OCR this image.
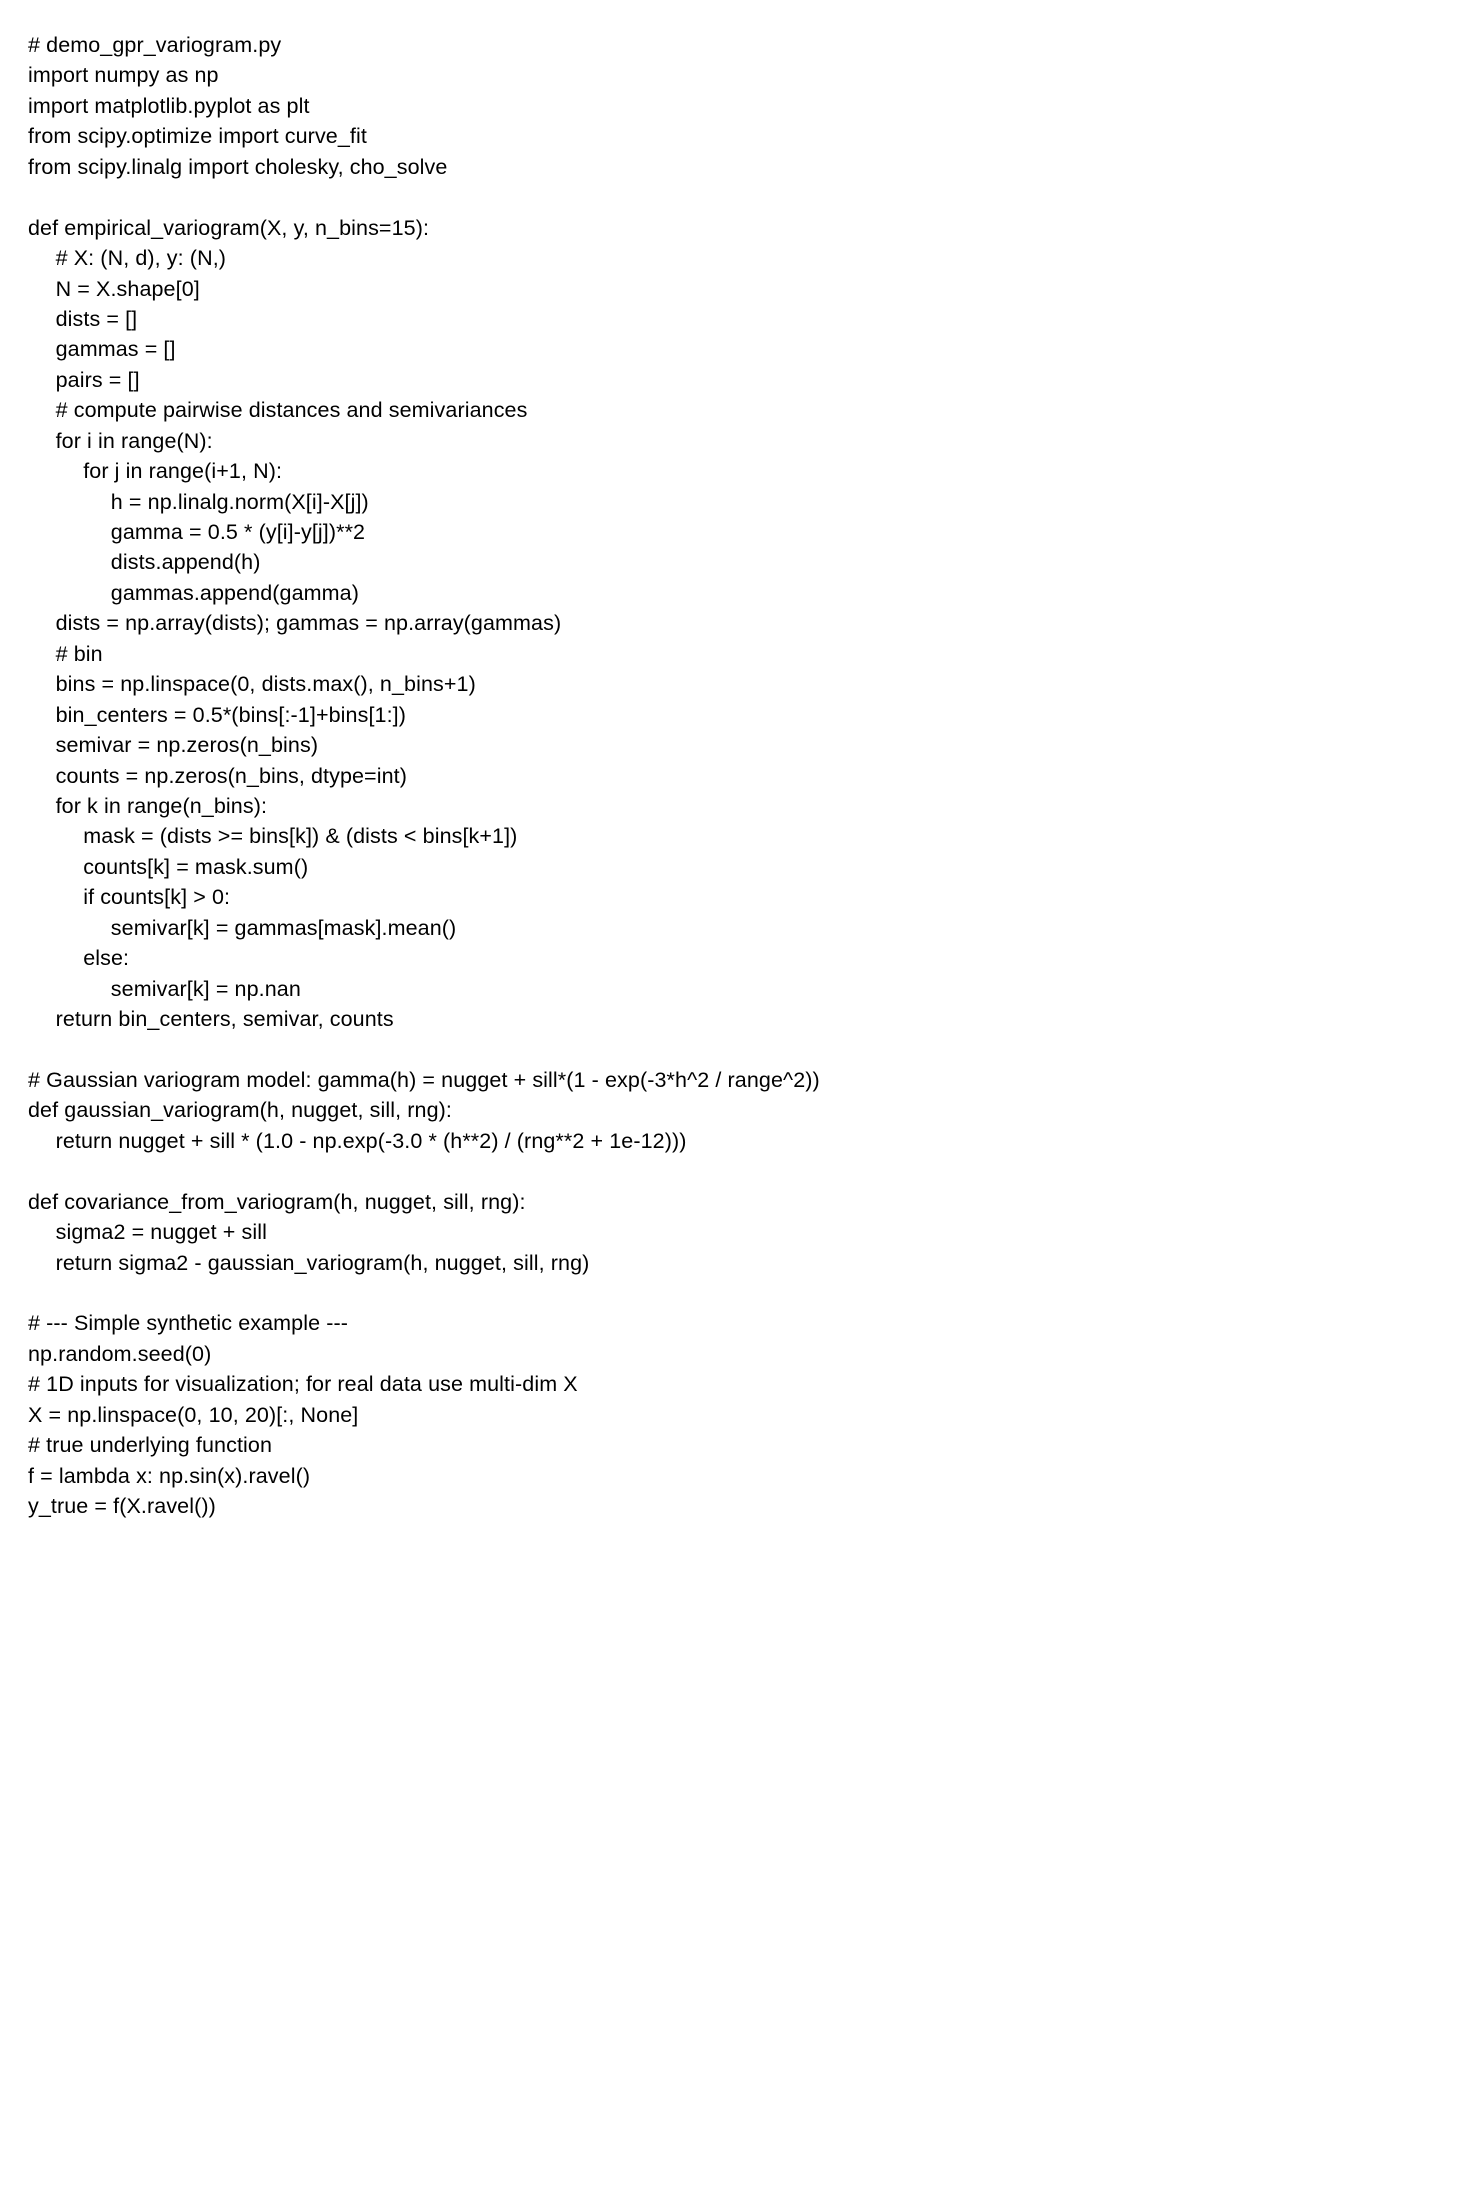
# demo_gpr_variogram.py
import numpy as np
import matplotlib.pyplot as plt
from scipy.optimize import curve_fit
from scipy.linalg import cholesky, cho_solve
def empirical_variogram(X, y, n_bins=15):
# X: (N, d), y: (N,)
N = X.shape[0]
dists = []
gammas = []
pairs = []
# compute pairwise distances and semivariances
for i in range(N):
for j in range(i+1, N):
h = np.linalg.norm(X[i]-X[j])
gamma = 0.5 * (y[i]-y[j])**2
dists.append(h)
gammas.append(gamma)
dists = np.array(dists); gammas = np.array(gammas)
# bin
bins = np.linspace(0, dists.max(), n_bins+1)
bin_centers = 0.5*(bins[:-1]+bins[1:])
semivar = np.zeros(n_bins)
counts = np.zeros(n_bins, dtype=int)
for k in range(n_bins):
mask = (dists >= bins[k]) & (dists < bins[k+1])
counts[k] = mask.sum()
if counts[k] > 0:
semivar[k] = gammas[mask].mean()
else:
semivar[k] = np.nan
return bin_centers, semivar, counts
# Gaussian variogram model: gamma(h) = nugget + sill*(1 - exp(-3*h^2 / range^2))
def gaussian_variogram(h, nugget, sill, rng):
return nugget + sill * (1.0 - np.exp(-3.0 * (h**2) / (rng**2 + 1e-12)))
def covariance_from_variogram(h, nugget, sill, rng):
sigma2 = nugget + sill
return sigma2 - gaussian_variogram(h, nugget, sill, rng)
# --- Simple synthetic example ---
np.random.seed(0)
# 1D inputs for visualization; for real data use multi-dim X
X = np.linspace(0, 10, 20)[:, None]
# true underlying function
f = lambda x: np.sin(x).ravel()
y_true = f(X.ravel())
